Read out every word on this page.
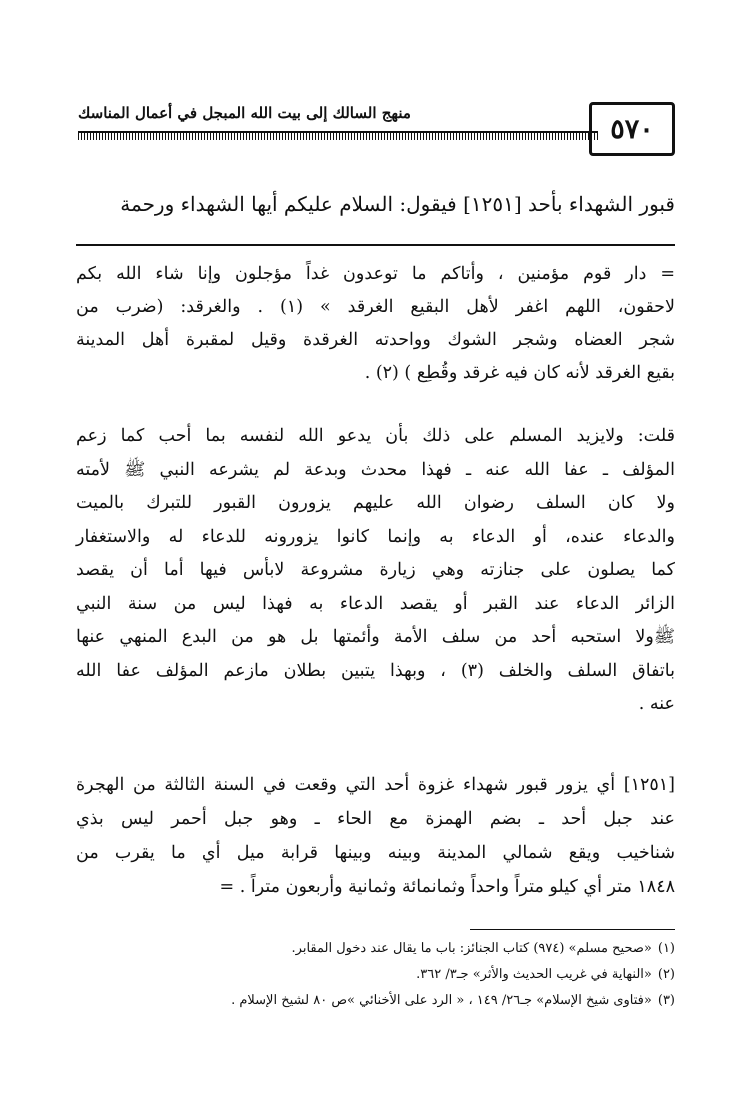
٥٧٠
منهج السالك إلى بيت الله المبجل في أعمال المناسك
قبور الشهداء بأحد [١٢٥١] فيقول: السلام عليكم أيها الشهداء ورحمة
= دار قوم مؤمنين ، وأتاكم ما توعدون غداً مؤجلون وإنا شاء الله بكم
لاحقون، اللهم اغفر لأهل البقيع الغرقد » (١) . والغرقد: (ضرب من
شجر العضاه وشجر الشوك وواحدته الغرقدة وقيل لمقبرة أهل المدينة
بقيع الغرقد لأنه كان فيه غرقد وقُطِع ) (٢) .
قلت: ولايزيد المسلم على ذلك بأن يدعو الله لنفسه بما أحب كما زعم
المؤلف ـ عفا الله عنه ـ فهذا محدث وبدعة لم يشرعه النبي ﷺ لأمته
ولا كان السلف رضوان الله عليهم يزورون القبور للتبرك بالميت
والدعاء عنده، أو الدعاء به وإنما كانوا يزورونه للدعاء له والاستغفار
كما يصلون على جنازته وهي زيارة مشروعة لابأس فيها أما أن يقصد
الزائر الدعاء عند القبر أو يقصد الدعاء به فهذا ليس من سنة النبي
ﷺولا استحبه أحد من سلف الأمة وأئمتها بل هو من البدع المنهي عنها
باتفاق السلف والخلف (٣) ، وبهذا يتبين بطلان مازعم المؤلف عفا الله
عنه .
[١٢٥١] أي يزور قبور شهداء غزوة أحد التي وقعت في السنة الثالثة من الهجرة
عند جبل أحد ـ بضم الهمزة مع الحاء ـ وهو جبل أحمر ليس بذي
شناخيب ويقع شمالي المدينة وبينه وبينها قرابة ميل أي ما يقرب من
١٨٤٨ متر أي كيلو متراً واحداً وثمانمائة وثمانية وأربعون متراً . =
(١)«صحيح مسلم» (٩٧٤) كتاب الجنائز: باب ما يقال عند دخول المقابر.
(٢)«النهاية في غريب الحديث والأثر» جـ٣/ ٣٦٢.
(٣)«فتاوى شيخ الإسلام» جـ٢٦/ ١٤٩ ، « الرد على الأخنائي »ص ٨٠ لشيخ الإسلام .
